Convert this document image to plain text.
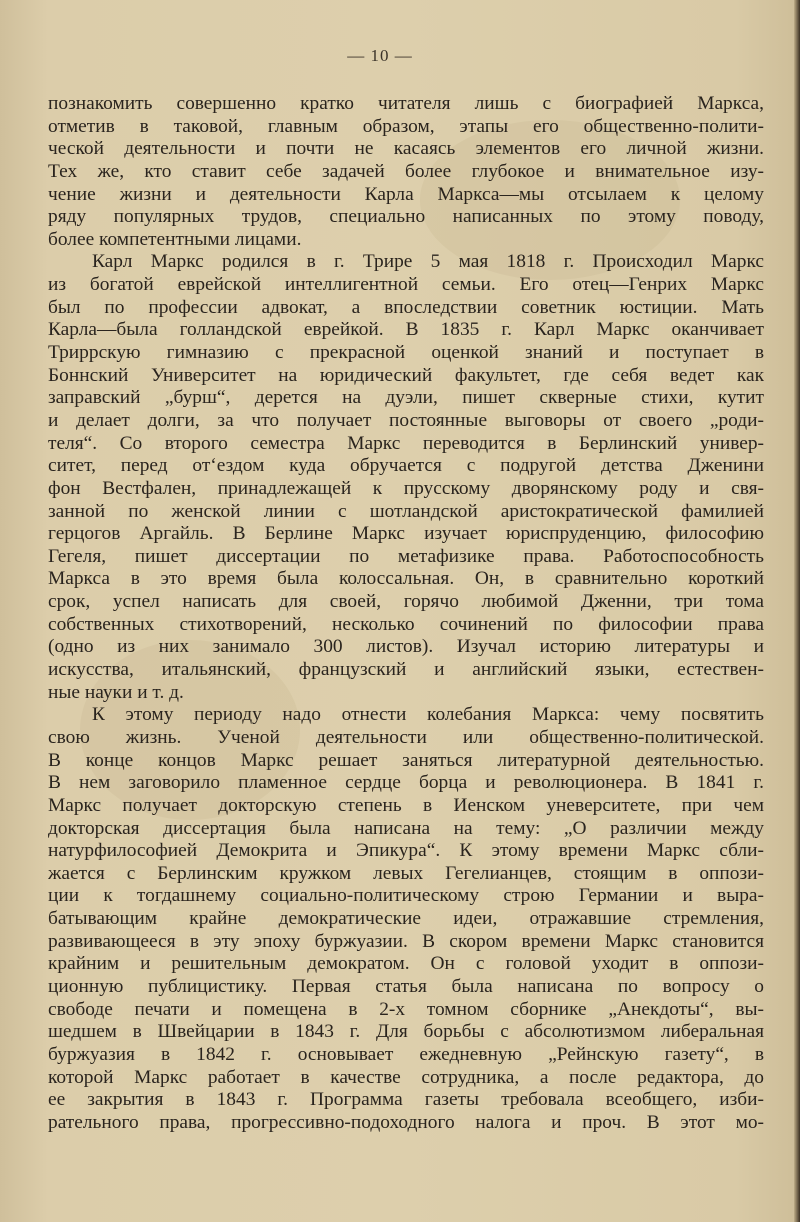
— 10 —
познакомить совершенно кратко читателя лишь с биографией Маркса,
отметив в таковой, главным образом, этапы его общественно-полити-
ческой деятельности и почти не касаясь элементов его личной жизни.
Тех же, кто ставит себе задачей более глубокое и внимательное изу-
чение жизни и деятельности Карла Маркса—мы отсылаем к целому
ряду популярных трудов, специально написанных по этому поводу,
более компетентными лицами.
Карл Маркс родился в г. Трире 5 мая 1818 г. Происходил Маркс
из богатой еврейской интеллигентной семьи. Его отец—Генрих Маркс
был по профессии адвокат, а впоследствии советник юстиции. Мать
Карла—была голландской еврейкой. В 1835 г. Карл Маркс оканчивает
Триррскую гимназию с прекрасной оценкой знаний и поступает в
Боннский Университет на юридический факультет, где себя ведет как
заправский „бурш“, дерется на дуэли, пишет скверные стихи, кутит
и делает долги, за что получает постоянные выговоры от своего „роди-
теля“. Со второго семестра Маркс переводится в Берлинский универ-
ситет, перед от‘ездом куда обручается с подругой детства Дженини
фон Вестфален, принадлежащей к прусскому дворянскому роду и свя-
занной по женской линии с шотландской аристократической фамилией
герцогов Аргайль. В Берлине Маркс изучает юриспруденцию, философию
Гегеля, пишет диссертации по метафизике права. Работоспособность
Маркса в это время была колоссальная. Он, в сравнительно короткий
срок, успел написать для своей, горячо любимой Дженни, три тома
собственных стихотворений, несколько сочинений по философии права
(одно из них занимало 300 листов). Изучал историю литературы и
искусства, итальянский, французский и английский языки, естествен-
ные науки и т. д.
К этому периоду надо отнести колебания Маркса: чему посвятить
свою жизнь. Ученой деятельности или общественно-политической.
В конце концов Маркс решает заняться литературной деятельностью.
В нем заговорило пламенное сердце борца и революционера. В 1841 г.
Маркс получает докторскую степень в Иенском уневерситете, при чем
докторская диссертация была написана на тему: „О различии между
натурфилософией Демокрита и Эпикура“. К этому времени Маркс сбли-
жается с Берлинским кружком левых Гегелианцев, стоящим в оппози-
ции к тогдашнему социально-политическому строю Германии и выра-
батывающим крайне демократические идеи, отражавшие стремления,
развивающееся в эту эпоху буржуазии. В скором времени Маркс становится
крайним и решительным демократом. Он с головой уходит в оппози-
ционную публицистику. Первая статья была написана по вопросу о
свободе печати и помещена в 2-х томном сборнике „Анекдоты“, вы-
шедшем в Швейцарии в 1843 г. Для борьбы с абсолютизмом либеральная
буржуазия в 1842 г. основывает ежедневную „Рейнскую газету“, в
которой Маркс работает в качестве сотрудника, а после редактора, до
ее закрытия в 1843 г. Программа газеты требовала всеобщего, изби-
рательного права, прогрессивно-подоходного налога и проч. В этот мо-
